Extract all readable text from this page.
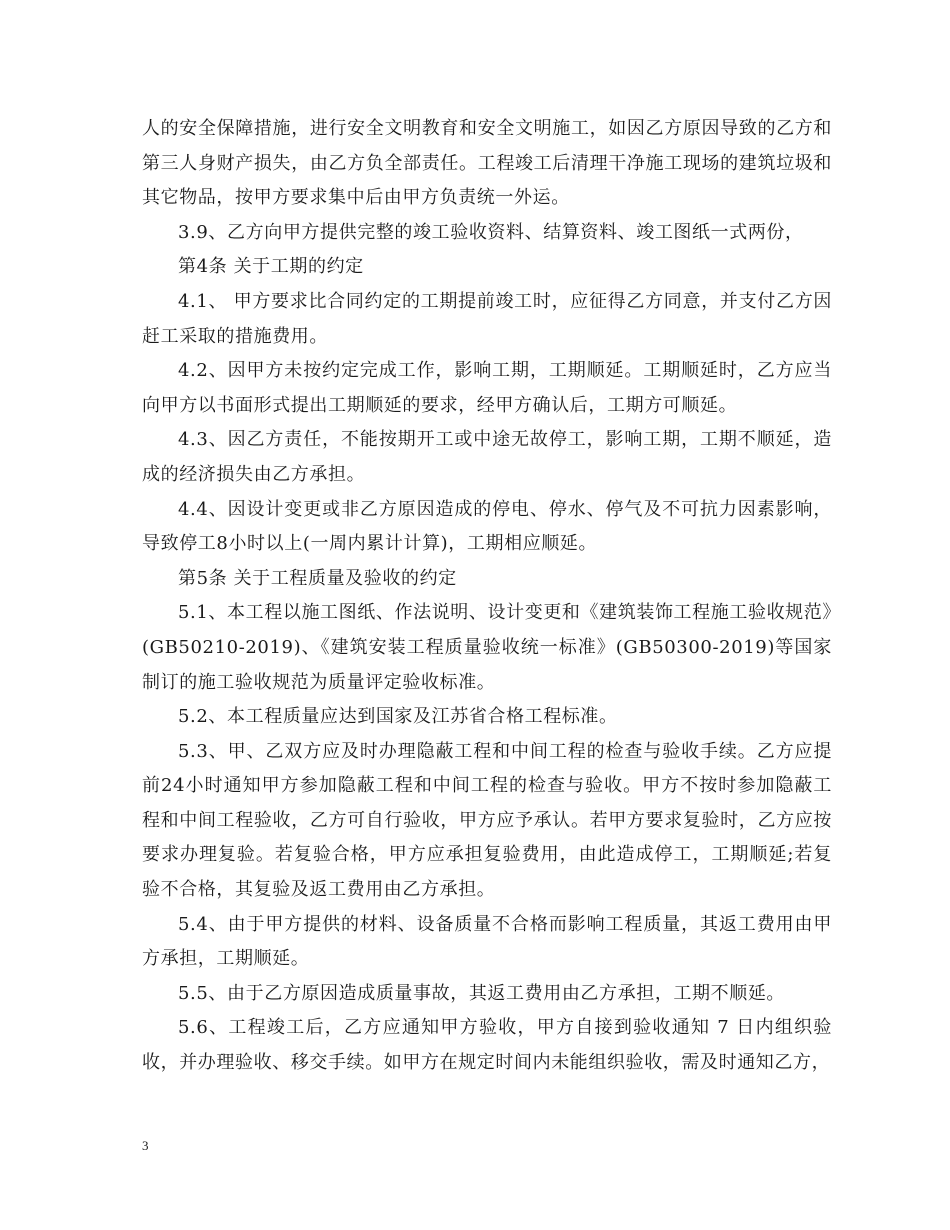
人的安全保障措施，进行安全文明教育和安全文明施工，如因乙方原因导致的乙方和第三人身财产损失，由乙方负全部责任。工程竣工后清理干净施工现场的建筑垃圾和其它物品，按甲方要求集中后由甲方负责统一外运。

3.9、乙方向甲方提供完整的竣工验收资料、结算资料、竣工图纸一式两份，

第4条 关于工期的约定

4.1、 甲方要求比合同约定的工期提前竣工时，应征得乙方同意，并支付乙方因赶工采取的措施费用。

4.2、因甲方未按约定完成工作，影响工期，工期顺延。工期顺延时，乙方应当向甲方以书面形式提出工期顺延的要求，经甲方确认后，工期方可顺延。

4.3、因乙方责任，不能按期开工或中途无故停工，影响工期，工期不顺延，造成的经济损失由乙方承担。

4.4、因设计变更或非乙方原因造成的停电、停水、停气及不可抗力因素影响，导致停工8小时以上(一周内累计计算)，工期相应顺延。

第5条 关于工程质量及验收的约定

5.1、本工程以施工图纸、作法说明、设计变更和《建筑装饰工程施工验收规范》(GB50210-2019)、《建筑安装工程质量验收统一标准》(GB50300-2019)等国家制订的施工验收规范为质量评定验收标准。

5.2、本工程质量应达到国家及江苏省合格工程标准。

5.3、甲、乙双方应及时办理隐蔽工程和中间工程的检查与验收手续。乙方应提前24小时通知甲方参加隐蔽工程和中间工程的检查与验收。甲方不按时参加隐蔽工程和中间工程验收，乙方可自行验收，甲方应予承认。若甲方要求复验时，乙方应按要求办理复验。若复验合格，甲方应承担复验费用，由此造成停工，工期顺延;若复验不合格，其复验及返工费用由乙方承担。

5.4、由于甲方提供的材料、设备质量不合格而影响工程质量，其返工费用由甲方承担，工期顺延。

5.5、由于乙方原因造成质量事故，其返工费用由乙方承担，工期不顺延。

5.6、工程竣工后，乙方应通知甲方验收，甲方自接到验收通知 7 日内组织验收，并办理验收、移交手续。如甲方在规定时间内未能组织验收，需及时通知乙方，

3
